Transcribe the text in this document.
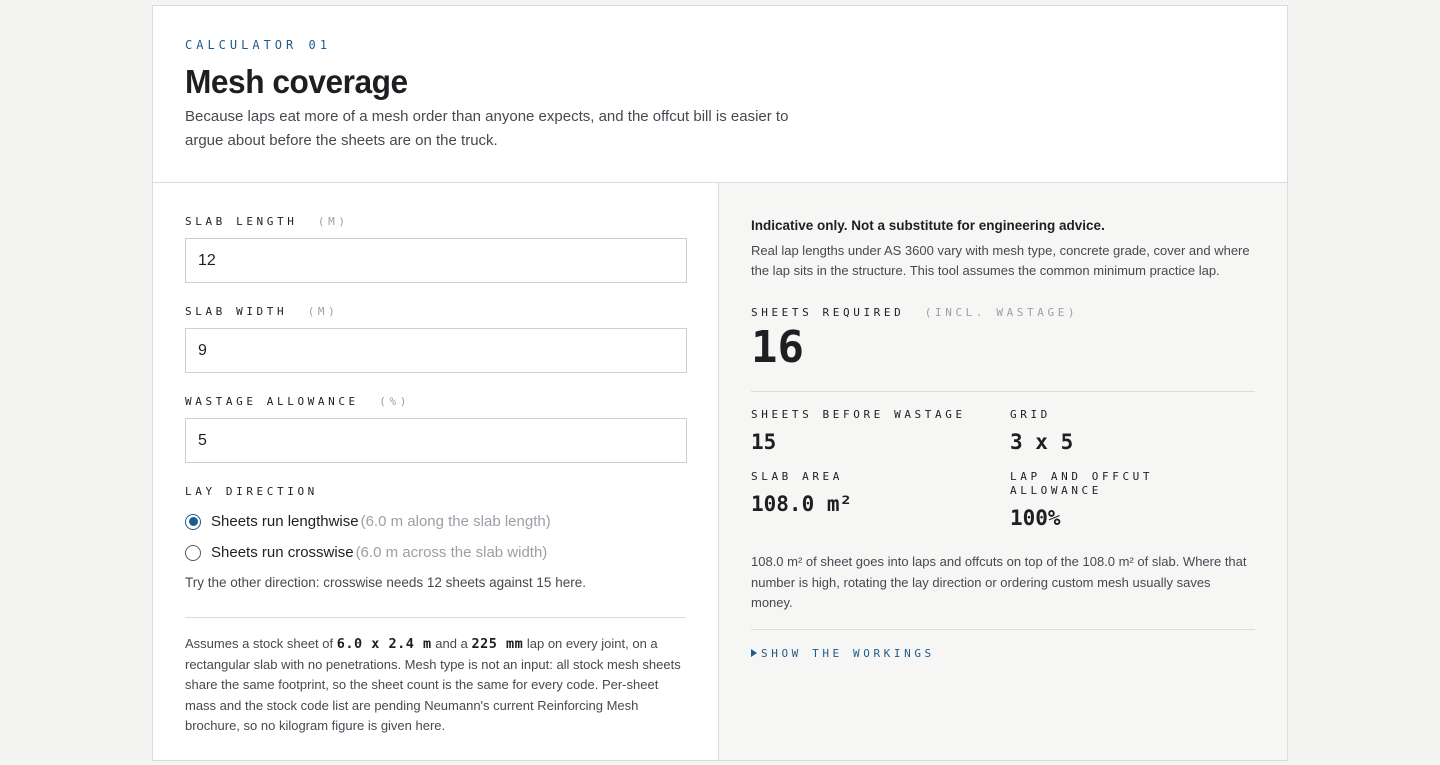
CALCULATOR 01
Mesh coverage

Because laps eat more of a mesh order than anyone expects, and the offcut bill is easier to argue about before the sheets are on the truck.

SLAB LENGTH (M)
12
SLAB WIDTH (M)
9
WASTAGE ALLOWANCE (%)
5
LAY DIRECTION
Sheets run lengthwise (6.0 m along the slab length)
Sheets run crosswise (6.0 m across the slab width)

Try the other direction: crosswise needs 12 sheets against 15 here.

Assumes a stock sheet of 6.0 x 2.4 m and a 225 mm lap on every joint, on a rectangular slab with no penetrations. Mesh type is not an input: all stock mesh sheets share the same footprint, so the sheet count is the same for every code. Per-sheet mass and the stock code list are pending Neumann's current Reinforcing Mesh brochure, so no kilogram figure is given here.

Indicative only. Not a substitute for engineering advice.

Real lap lengths under AS 3600 vary with mesh type, concrete grade, cover and where the lap sits in the structure. This tool assumes the common minimum practice lap.

SHEETS REQUIRED (INCL. WASTAGE)
16
SHEETS BEFORE WASTAGE
15
GRID
3 x 5
SLAB AREA
108.0 m²
LAP AND OFFCUT ALLOWANCE
100%

108.0 m² of sheet goes into laps and offcuts on top of the 108.0 m² of slab. Where that number is high, rotating the lay direction or ordering custom mesh usually saves money.

SHOW THE WORKINGS
